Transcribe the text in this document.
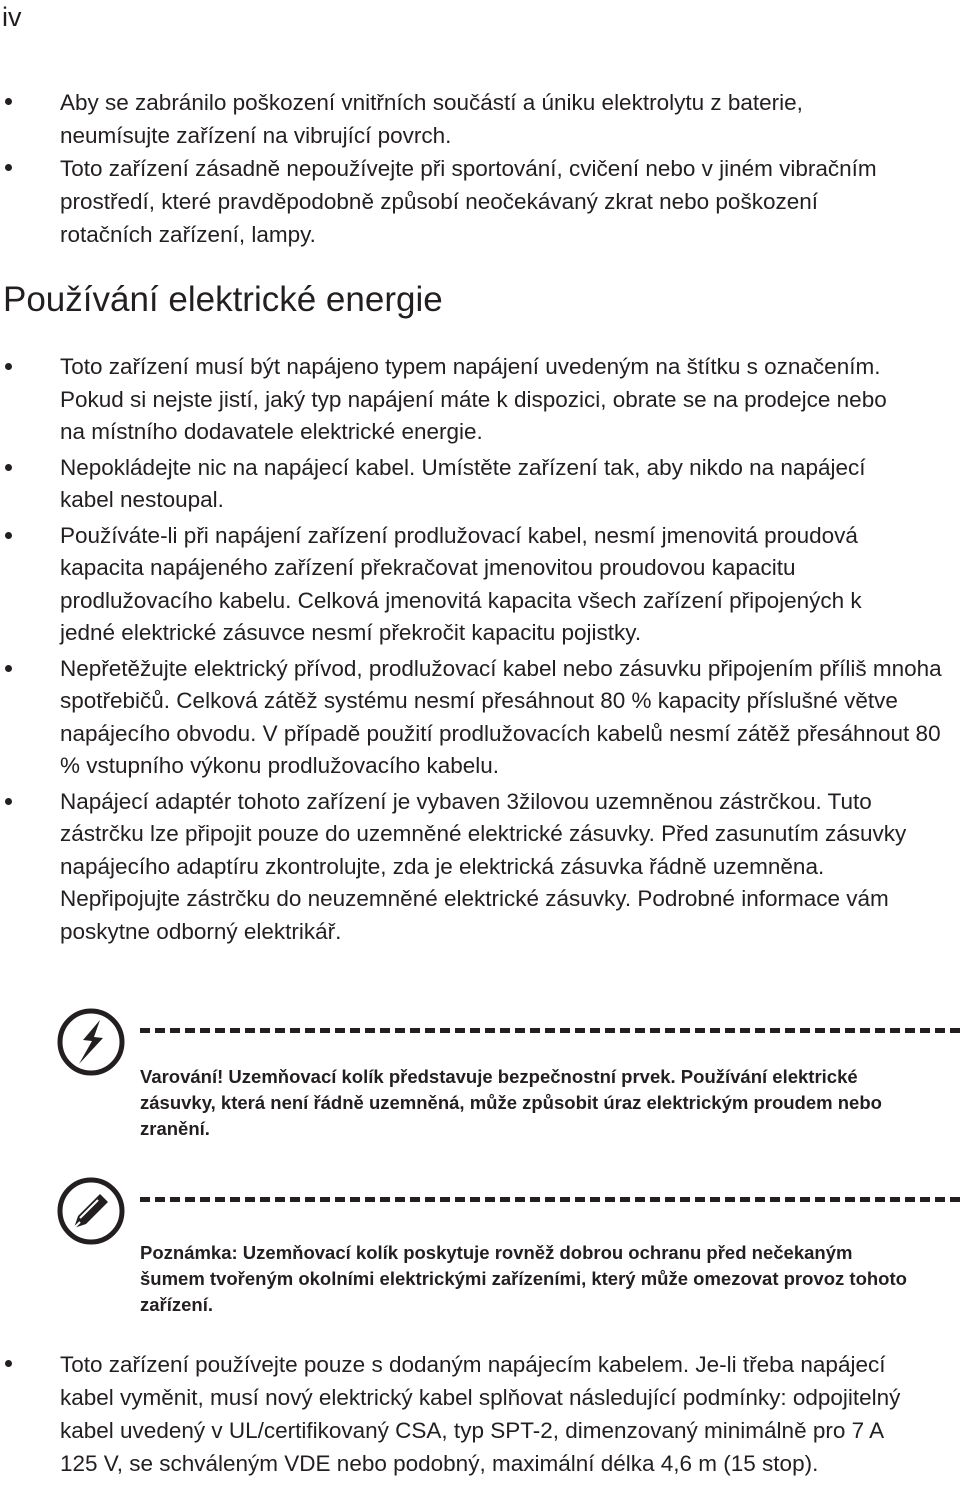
iv
Aby se zabránilo poškození vnitřních součástí a úniku elektrolytu z baterie, neumísujte zařízení na vibrující povrch.
Toto zařízení zásadně nepoužívejte při sportování, cvičení nebo v jiném vibračním prostředí, které pravděpodobně způsobí neočekávaný zkrat nebo poškození rotačních zařízení, lampy.
Používání elektrické energie
Toto zařízení musí být napájeno typem napájení uvedeným na štítku s označením. Pokud si nejste jistí, jaký typ napájení máte k dispozici, obrate se na prodejce nebo na místního dodavatele elektrické energie.
Nepokládejte nic na napájecí kabel. Umístěte zařízení tak, aby nikdo na napájecí kabel nestoupal.
Používáte-li při napájení zařízení prodlužovací kabel, nesmí jmenovitá proudová kapacita napájeného zařízení překračovat jmenovitou proudovou kapacitu prodlužovacího kabelu. Celková jmenovitá kapacita všech zařízení připojených k jedné elektrické zásuvce nesmí překročit kapacitu pojistky.
Nepřetěžujte elektrický přívod, prodlužovací kabel nebo zásuvku připojením příliš mnoha spotřebičů. Celková zátěž systému nesmí přesáhnout 80 % kapacity příslušné větve napájecího obvodu. V případě použití prodlužovacích kabelů nesmí zátěž přesáhnout 80 % vstupního výkonu prodlužovacího kabelu.
Napájecí adaptér tohoto zařízení je vybaven 3žilovou uzemněnou zástrčkou. Tuto zástrčku lze připojit pouze do uzemněné elektrické zásuvky. Před zasunutím zásuvky napájecího adaptíru zkontrolujte, zda je elektrická zásuvka řádně uzemněna. Nepřipojujte zástrčku do neuzemněné elektrické zásuvky. Podrobné informace vám poskytne odborný elektrikář.
Varování! Uzemňovací kolík představuje bezpečnostní prvek. Používání elektrické zásuvky, která není řádně uzemněná, může způsobit úraz elektrickým proudem nebo zranění.
Poznámka: Uzemňovací kolík poskytuje rovněž dobrou ochranu před nečekaným šumem tvořeným okolními elektrickými zařízeními, který může omezovat provoz tohoto zařízení.
Toto zařízení používejte pouze s dodaným napájecím kabelem. Je-li třeba napájecí kabel vyměnit, musí nový elektrický kabel splňovat následující podmínky: odpojitelný kabel uvedený v UL/certifikovaný CSA, typ SPT-2, dimenzovaný minimálně pro 7 A 125 V, se schváleným VDE nebo podobný, maximální délka 4,6 m (15 stop).
